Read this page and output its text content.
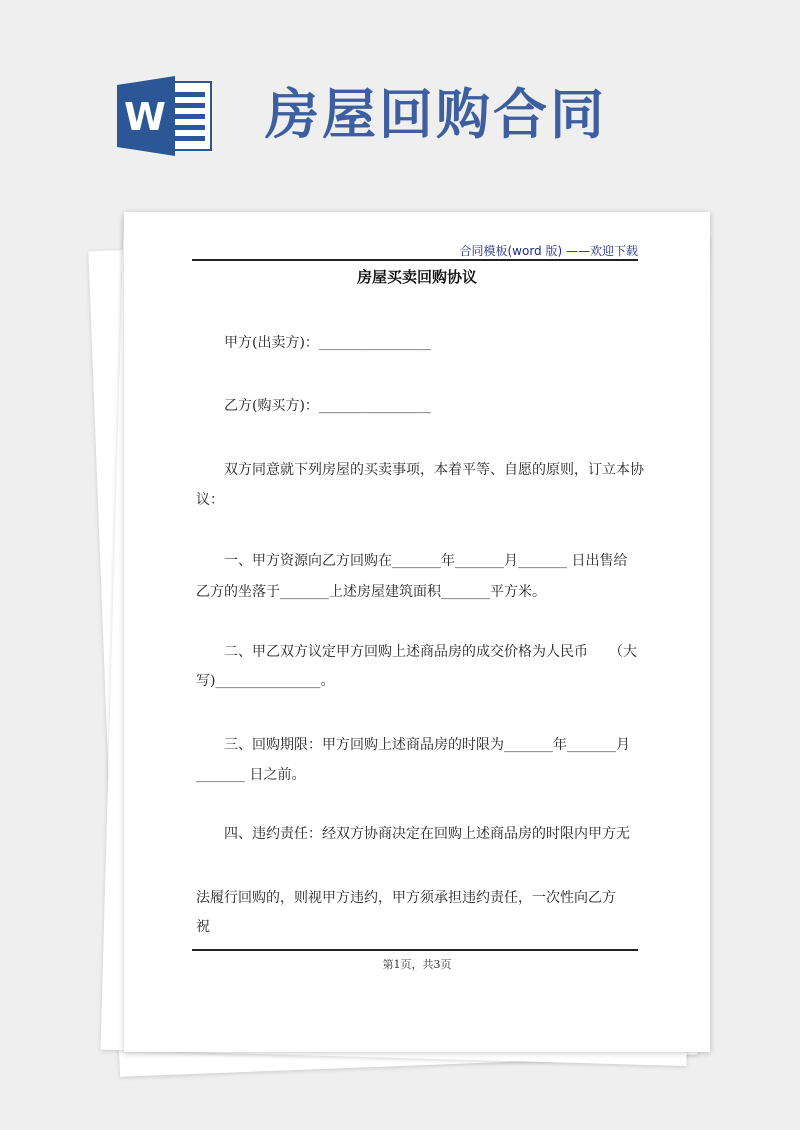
W 房屋回购合同
合同模板(word 版) ——欢迎下载
房屋买卖回购协议
甲方(出卖方)：________________
乙方(购买方)：________________
双方同意就下列房屋的买卖事项，本着平等、自愿的原则，订立本协
议：
一、甲方资源向乙方回购在_______年_______月_______ 日出售给
乙方的坐落于_______上述房屋建筑面积_______平方米。
二、甲乙双方议定甲方回购上述商品房的成交价格为人民币　　（大
写)_______________。
三、回购期限：甲方回购上述商品房的时限为_______年_______月
_______ 日之前。
四、违约责任：经双方协商决定在回购上述商品房的时限内甲方无
法履行回购的，则视甲方违约，甲方须承担违约责任，一次性向乙方
祝
第1页，共3页
